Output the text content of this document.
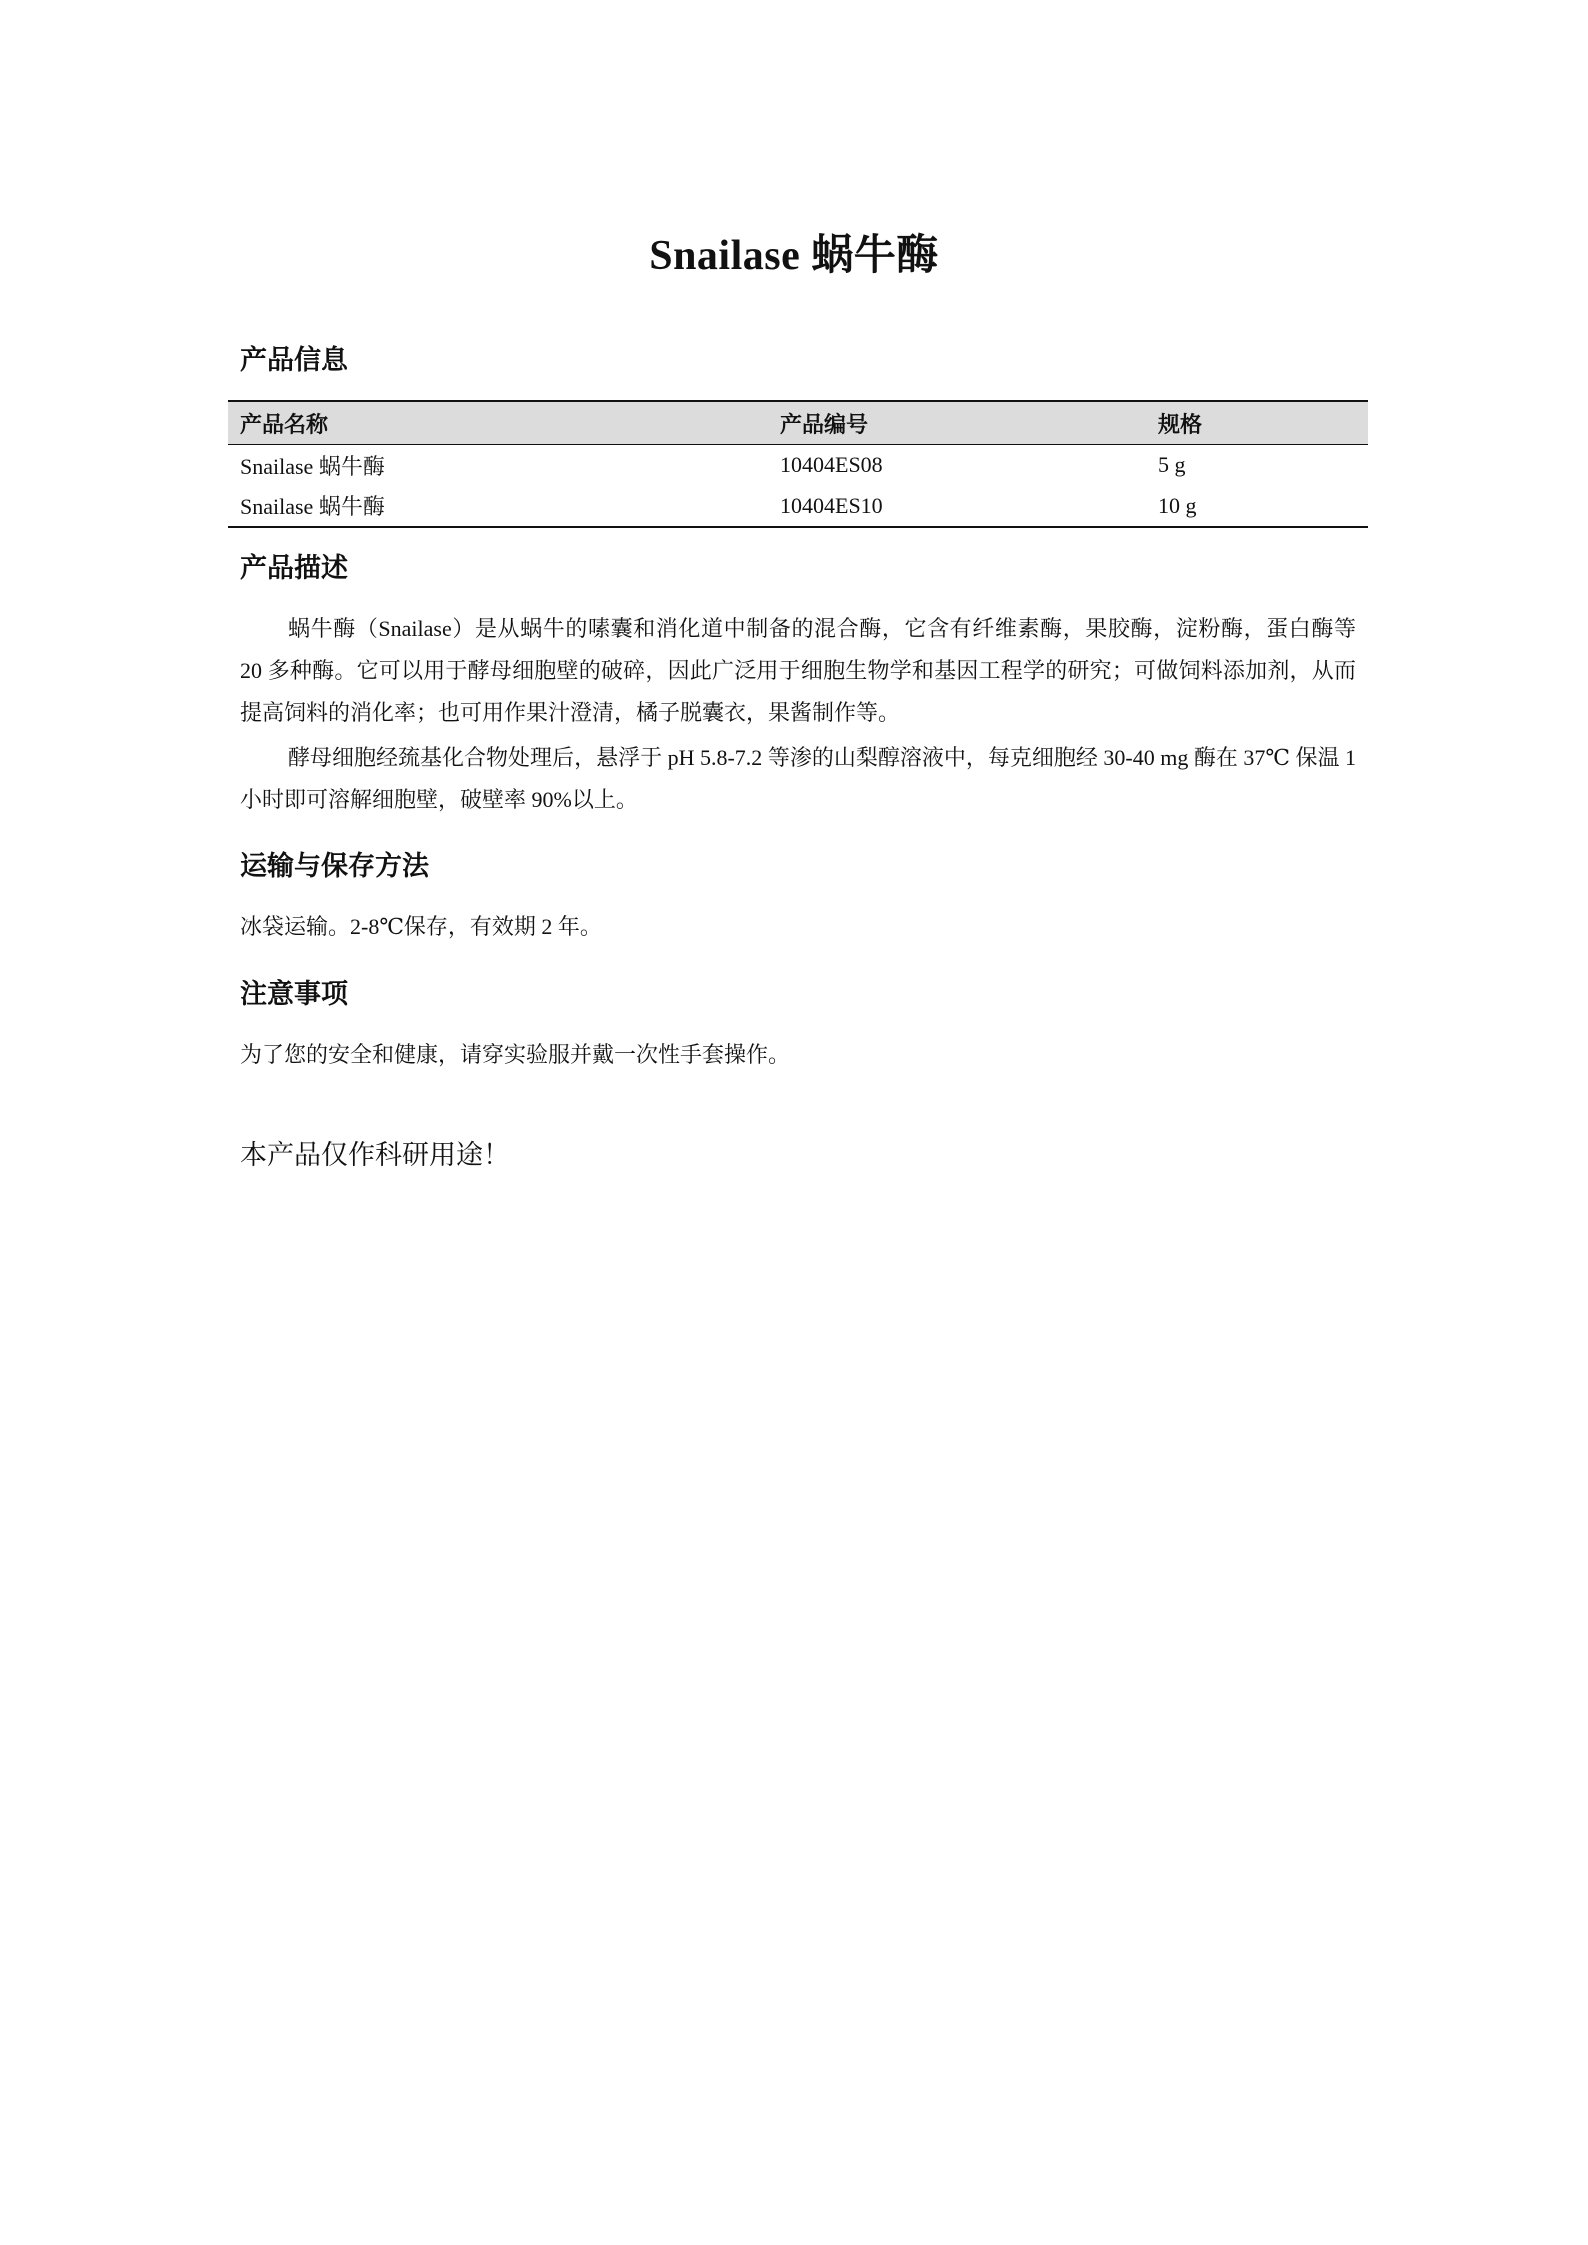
Snailase 蜗牛酶
产品信息
产品名称	产品编号	规格
Snailase 蜗牛酶	10404ES08	5 g
Snailase 蜗牛酶	10404ES10	10 g
产品描述

蜗牛酶（Snailase）是从蜗牛的嗉囊和消化道中制备的混合酶，它含有纤维素酶，果胶酶，淀粉酶，蛋白酶等 20 多种酶。它可以用于酵母细胞壁的破碎，因此广泛用于细胞生物学和基因工程学的研究；可做饲料添加剂，从而提高饲料的消化率；也可用作果汁澄清，橘子脱囊衣，果酱制作等。

酵母细胞经巯基化合物处理后，悬浮于 pH 5.8-7.2 等渗的山梨醇溶液中，每克细胞经 30-40 mg 酶在 37℃ 保温 1 小时即可溶解细胞壁，破壁率 90%以上。

运输与保存方法

冰袋运输。2-8℃保存，有效期 2 年。

注意事项

为了您的安全和健康，请穿实验服并戴一次性手套操作。

本产品仅作科研用途！
